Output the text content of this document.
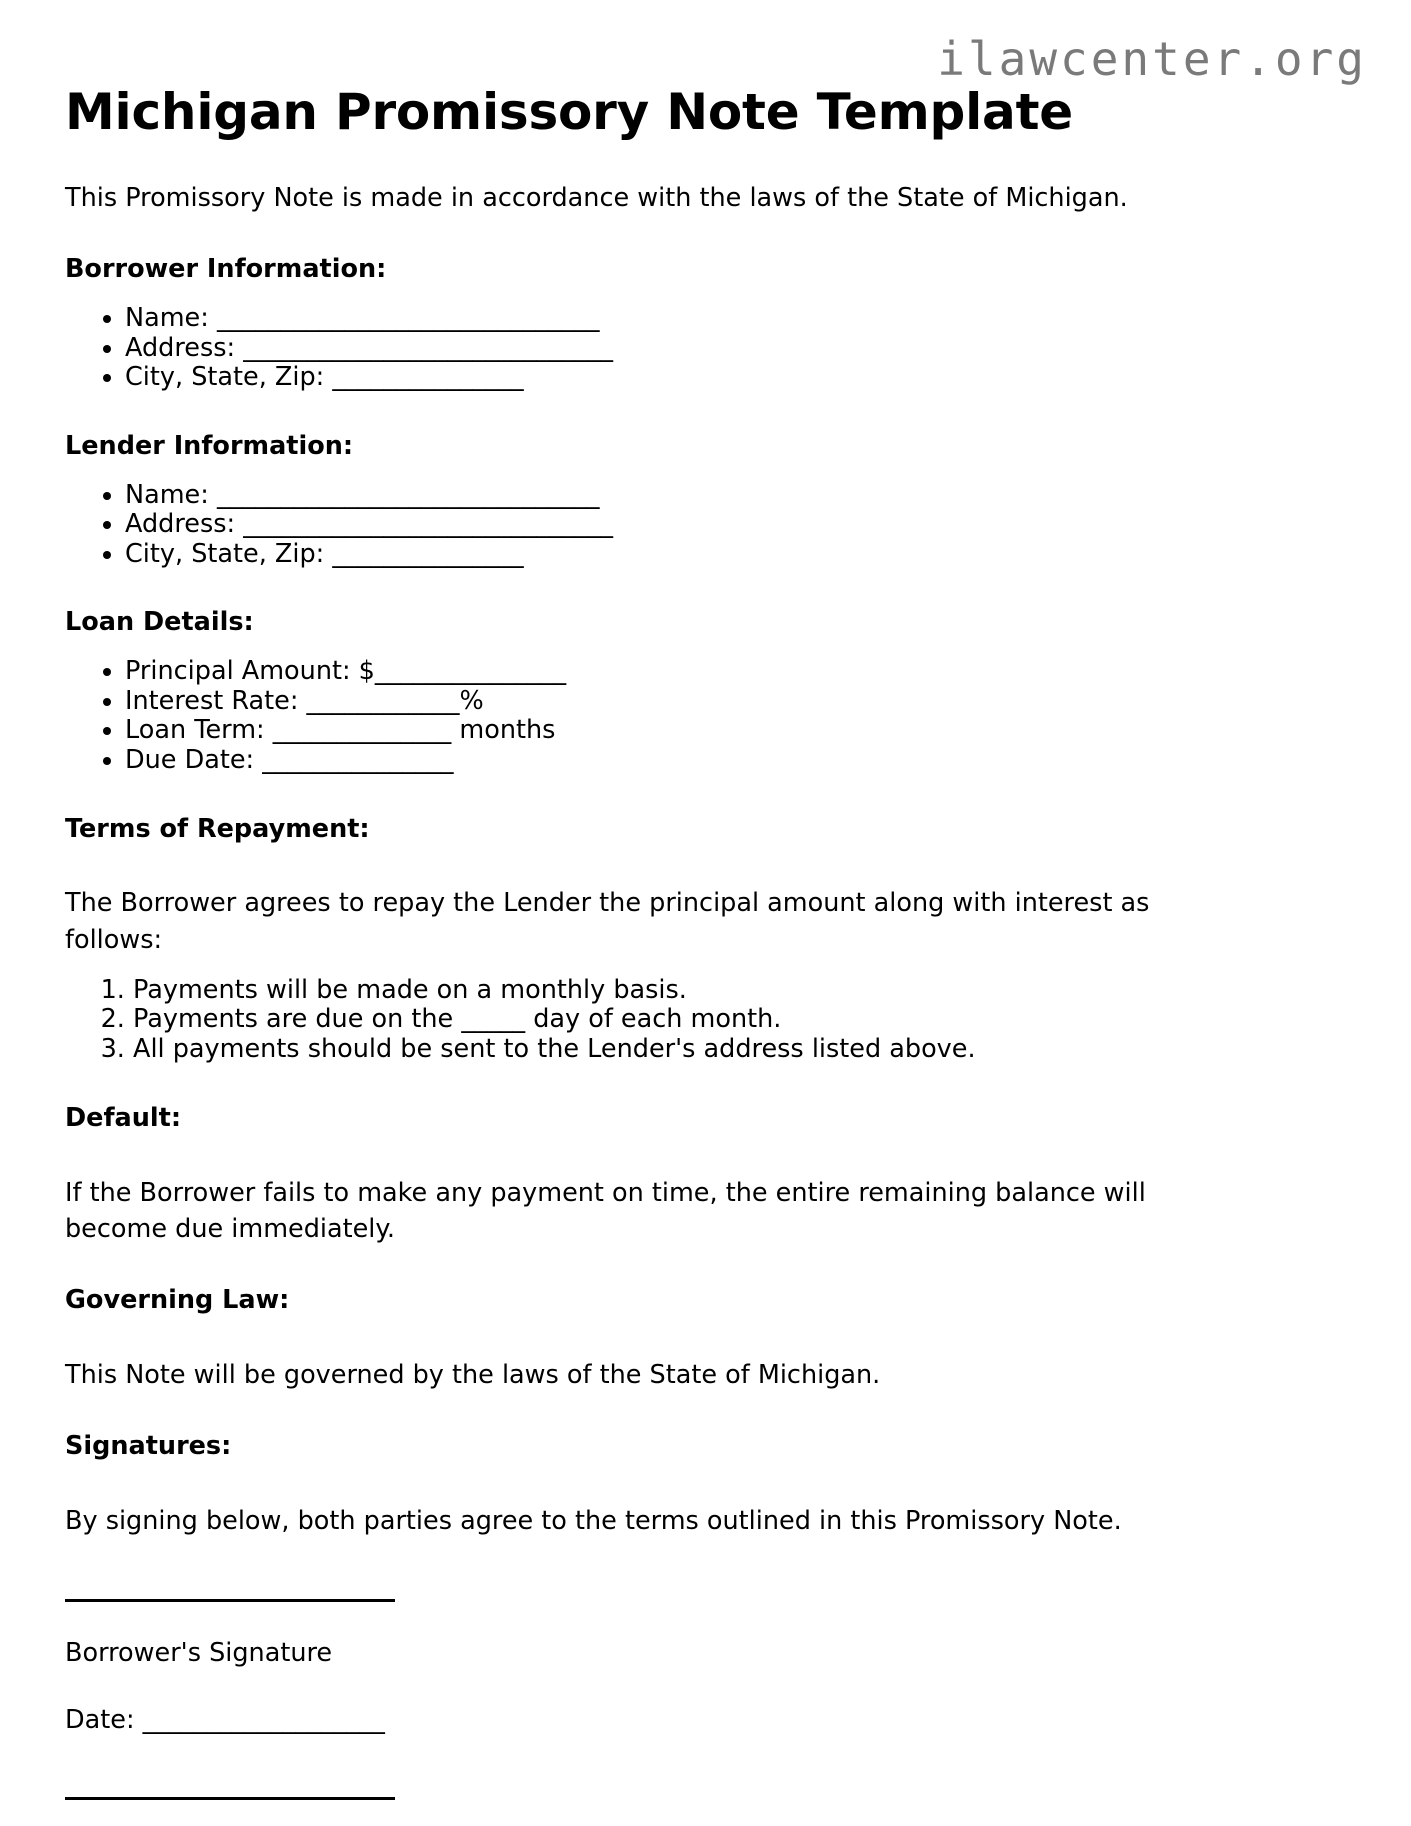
ilawcenter.org
Michigan Promissory Note Template

This Promissory Note is made in accordance with the laws of the State of Michigan.

Borrower Information:
• Name: ______________________________
• Address: _____________________________
• City, State, Zip: _______________
Lender Information:
• Name: ______________________________
• Address: _____________________________
• City, State, Zip: _______________
Loan Details:
• Principal Amount: $_______________
• Interest Rate: ____________%
• Loan Term: ______________ months
• Due Date: _______________
Terms of Repayment:

The Borrower agrees to repay the Lender the principal amount along with interest as follows:

1. Payments will be made on a monthly basis.
2. Payments are due on the _____ day of each month.
3. All payments should be sent to the Lender's address listed above.
Default:

If the Borrower fails to make any payment on time, the entire remaining balance will become due immediately.

Governing Law:

This Note will be governed by the laws of the State of Michigan.

Signatures:

By signing below, both parties agree to the terms outlined in this Promissory Note.

Borrower's Signature

Date: ___________________
